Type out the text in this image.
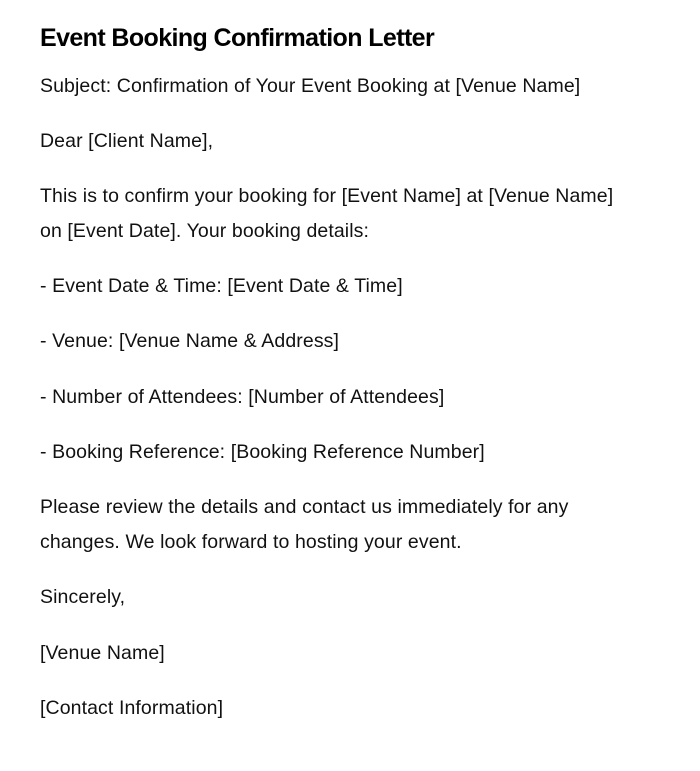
Event Booking Confirmation Letter

Subject: Confirmation of Your Event Booking at [Venue Name]

Dear [Client Name],

This is to confirm your booking for [Event Name] at [Venue Name] on [Event Date]. Your booking details:

- Event Date & Time: [Event Date & Time]

- Venue: [Venue Name & Address]

- Number of Attendees: [Number of Attendees]

- Booking Reference: [Booking Reference Number]

Please review the details and contact us immediately for any changes. We look forward to hosting your event.

Sincerely,

[Venue Name]

[Contact Information]
